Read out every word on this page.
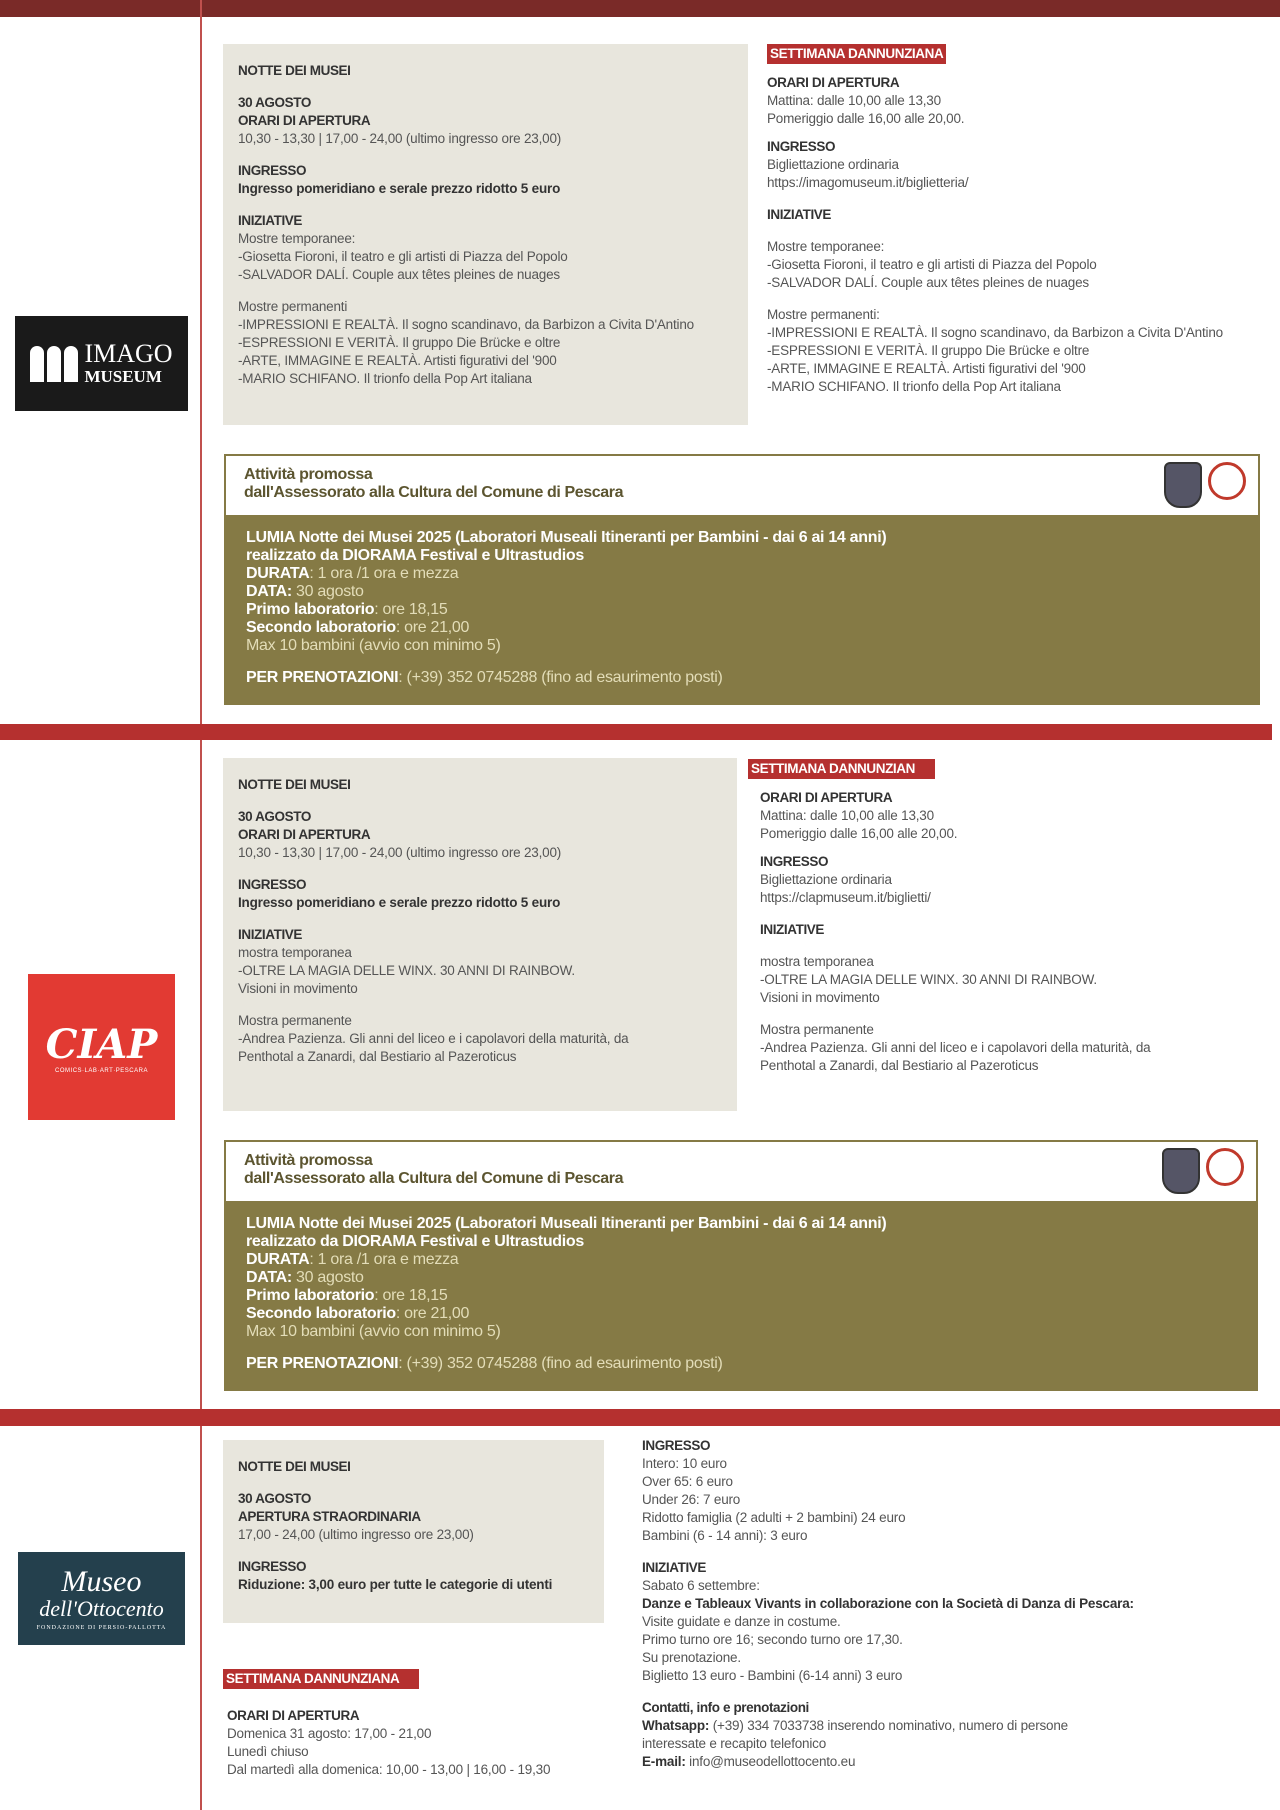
IMAGO
MUSEUM
NOTTE DEI MUSEI
30 AGOSTO
ORARI DI APERTURA
10,30 - 13,30 | 17,00 - 24,00 (ultimo ingresso ore 23,00)
INGRESSO
Ingresso pomeridiano e serale prezzo ridotto 5 euro
INIZIATIVE
Mostre temporanee:
-Giosetta Fioroni, il teatro e gli artisti di Piazza del Popolo
-SALVADOR DALÍ. Couple aux têtes pleines de nuages
Mostre permanenti
-IMPRESSIONI E REALTÀ. Il sogno scandinavo, da Barbizon a Civita D'Antino
-ESPRESSIONI E VERITÀ. Il gruppo Die Brücke e oltre
-ARTE, IMMAGINE E REALTÀ. Artisti figurativi del '900
-MARIO SCHIFANO. Il trionfo della Pop Art italiana
SETTIMANA DANNUNZIANA
ORARI DI APERTURA
Mattina: dalle 10,00 alle 13,30
Pomeriggio dalle 16,00 alle 20,00.
INGRESSO
Bigliettazione ordinaria
https://imagomuseum.it/biglietteria/
INIZIATIVE
Mostre temporanee:
-Giosetta Fioroni, il teatro e gli artisti di Piazza del Popolo
-SALVADOR DALÍ. Couple aux têtes pleines de nuages
Mostre permanenti:
-IMPRESSIONI E REALTÀ. Il sogno scandinavo, da Barbizon a Civita D'Antino
-ESPRESSIONI E VERITÀ. Il gruppo Die Brücke e oltre
-ARTE, IMMAGINE E REALTÀ. Artisti figurativi del '900
-MARIO SCHIFANO. Il trionfo della Pop Art italiana
Attività promossa
dall'Assessorato alla Cultura del Comune di Pescara
LUMIA Notte dei Musei 2025 (Laboratori Museali Itineranti per Bambini - dai 6 ai 14 anni)
realizzato da DIORAMA Festival e Ultrastudios
DURATA: 1 ora /1 ora e mezza
DATA: 30 agosto
Primo laboratorio: ore 18,15
Secondo laboratorio: ore 21,00
Max 10 bambini (avvio con minimo 5)
PER PRENOTAZIONI: (+39) 352 0745288 (fino ad esaurimento posti)
CIAP
COMICS·LAB·ART·PESCARA
NOTTE DEI MUSEI
30 AGOSTO
ORARI DI APERTURA
10,30 - 13,30 | 17,00 - 24,00 (ultimo ingresso ore 23,00)
INGRESSO
Ingresso pomeridiano e serale prezzo ridotto 5 euro
INIZIATIVE
mostra temporanea
-OLTRE LA MAGIA DELLE WINX. 30 ANNI DI RAINBOW.
Visioni in movimento
Mostra permanente
-Andrea Pazienza. Gli anni del liceo e i capolavori della maturità, da
Penthotal a Zanardi, dal Bestiario al Pazeroticus
SETTIMANA DANNUNZIAN
ORARI DI APERTURA
Mattina: dalle 10,00 alle 13,30
Pomeriggio dalle 16,00 alle 20,00.
INGRESSO
Bigliettazione ordinaria
https://clapmuseum.it/biglietti/
INIZIATIVE
mostra temporanea
-OLTRE LA MAGIA DELLE WINX. 30 ANNI DI RAINBOW.
Visioni in movimento
Mostra permanente
-Andrea Pazienza. Gli anni del liceo e i capolavori della maturità, da
Penthotal a Zanardi, dal Bestiario al Pazeroticus
Attività promossa
dall'Assessorato alla Cultura del Comune di Pescara
LUMIA Notte dei Musei 2025 (Laboratori Museali Itineranti per Bambini - dai 6 ai 14 anni)
realizzato da DIORAMA Festival e Ultrastudios
DURATA: 1 ora /1 ora e mezza
DATA: 30 agosto
Primo laboratorio: ore 18,15
Secondo laboratorio: ore 21,00
Max 10 bambini (avvio con minimo 5)
PER PRENOTAZIONI: (+39) 352 0745288 (fino ad esaurimento posti)
Museo
dell'Ottocento
FONDAZIONE DI PERSIO-PALLOTTA
NOTTE DEI MUSEI
30 AGOSTO
APERTURA STRAORDINARIA
17,00 - 24,00 (ultimo ingresso ore 23,00)
INGRESSO
Riduzione: 3,00 euro per tutte le categorie di utenti
SETTIMANA DANNUNZIANA
ORARI DI APERTURA
Domenica 31 agosto: 17,00 - 21,00
Lunedì chiuso
Dal martedì alla domenica: 10,00 - 13,00 | 16,00 - 19,30
INGRESSO
Intero: 10 euro
Over 65: 6 euro
Under 26: 7 euro
Ridotto famiglia (2 adulti + 2 bambini) 24 euro
Bambini (6 - 14 anni): 3 euro
INIZIATIVE
Sabato 6 settembre:
Danze e Tableaux Vivants in collaborazione con la Società di Danza di Pescara:
Visite guidate e danze in costume.
Primo turno ore 16; secondo turno ore 17,30.
Su prenotazione.
Biglietto 13 euro - Bambini (6-14 anni) 3 euro
Contatti, info e prenotazioni
Whatsapp: (+39) 334 7033738 inserendo nominativo, numero di persone
interessate e recapito telefonico
E-mail: info@museodellottocento.eu
